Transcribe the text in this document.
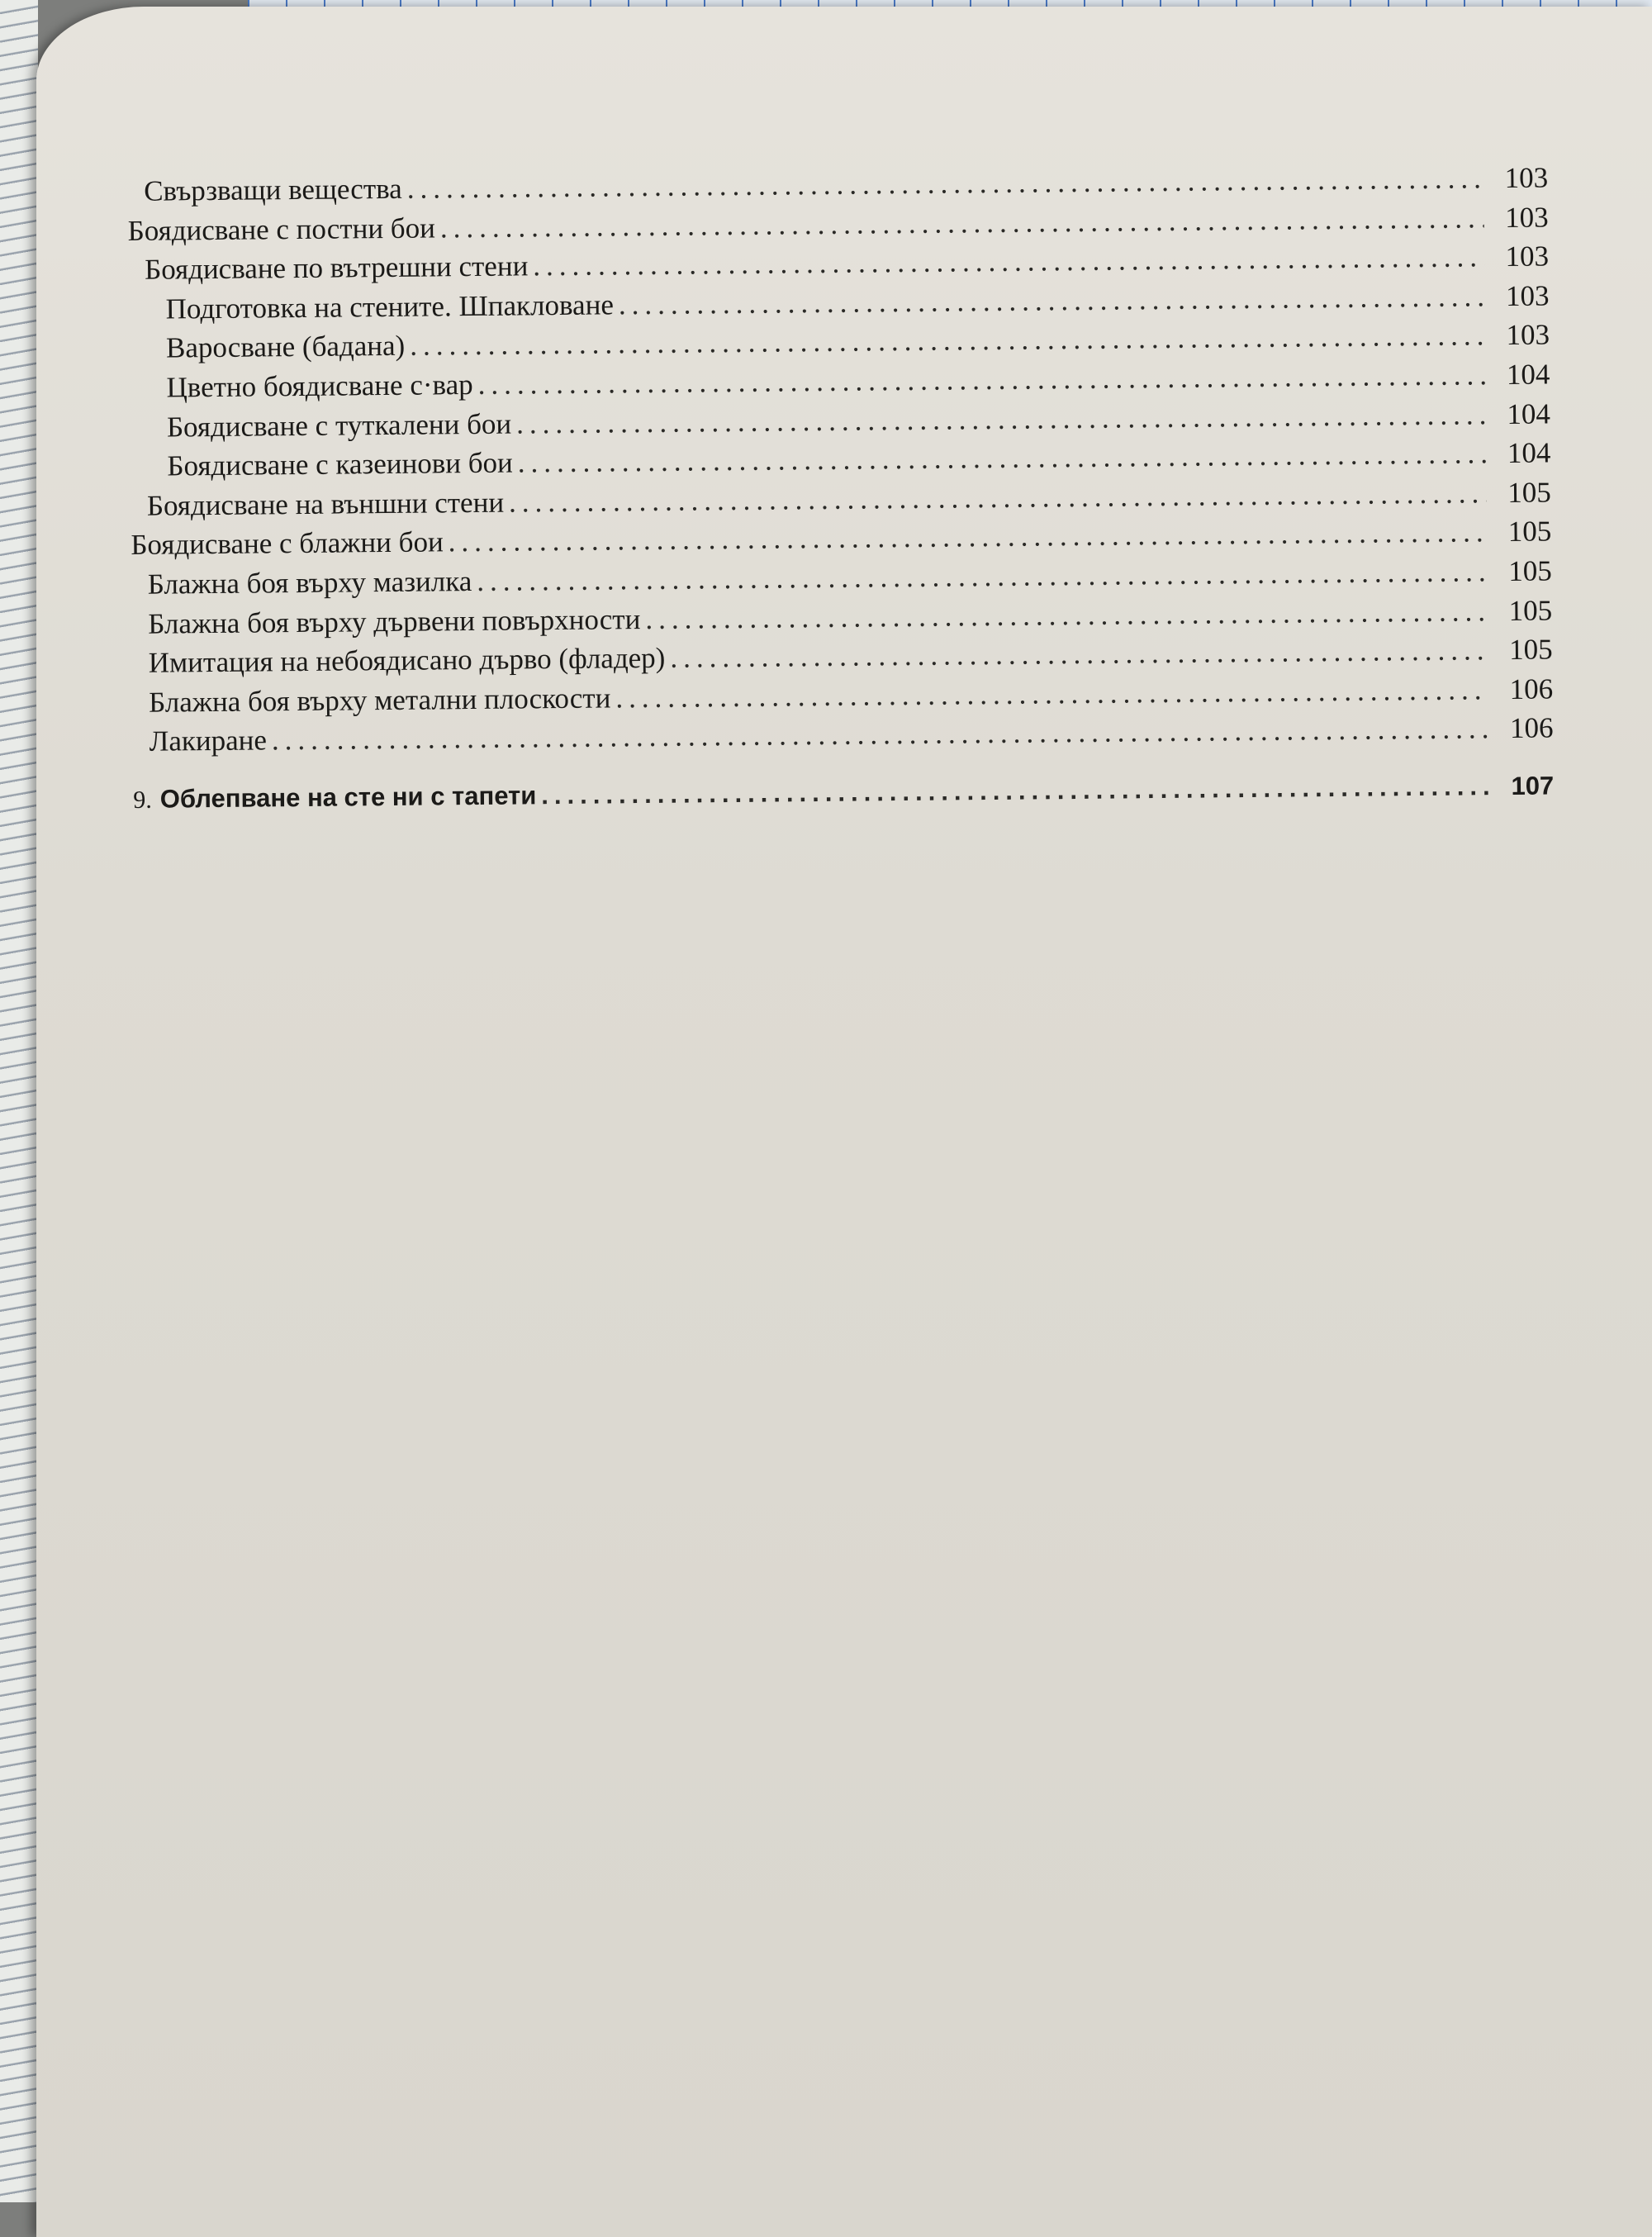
Свързващи вещества .....	103
Боядисване с постни бои .....	103
Боядисване по вътрешни стени .....	103
Подготовка на стените. Шпакловане .....	103
Варосване (бадана) .....	103
Цветно боядисване с·вар .....	104
Боядисване с туткалени бои .....	104
Боядисване с казеинови бои .....	104
Боядисване на външни стени .....	105
Боядисване с блажни бои .....	105
Блажна боя върху мазилка .....	105
Блажна боя върху дървени повърхности .....	105
Имитация на небоядисано дърво (фладер) .....	105
Блажна боя върху метални плоскости .....	106
Лакиране .....	106
9. Облепване на сте ни с тапети .....	107
